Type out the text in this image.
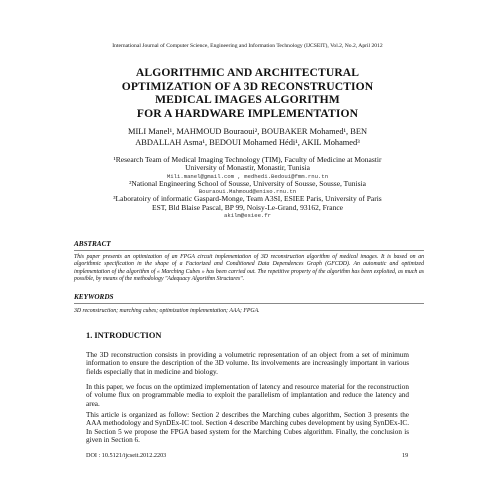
International Journal of Computer Science, Engineering and Information Technology (IJCSEIT), Vol.2, No.2, April 2012
ALGORITHMIC AND ARCHITECTURAL
OPTIMIZATION OF A 3D RECONSTRUCTION
MEDICAL IMAGES ALGORITHM
FOR A HARDWARE IMPLEMENTATION
MILI Manel¹, MAHMOUD Bouraoui², BOUBAKER Mohamed¹, BEN
ABDALLAH Asma¹, BEDOUI Mohamed Hédi¹, AKIL Mohamed³
¹Research Team of Medical Imaging Technology (TIM), Faculty of Medicine at Monastir
University of Monastir, Monastir, Tunisia
Mili.manel@gmail.com , medhedi.Bedoui@fmm.rnu.tn
²National Engineering School of Sousse, University of Sousse, Sousse, Tunisia
Bouraoui.Mahmoud@eniso.rnu.tn
³Laboratoiry of informatic Gaspard-Monge, Team A3SI, ESIEE Paris, University of Paris
EST, Bld Blaise Pascal, BP 99, Noisy-Le-Grand, 93162, France
akilm@esiee.fr
ABSTRACT
This paper presents an optimization of an FPGA circuit implementation of 3D reconstruction algorithm of medical images. It is based on an algorithmic specification in the shape of a Factorized and Conditioned Data Dependences Graph (GFCDD). An automatic and optimized implementation of the algorithm of « Marching Cubes » has been carried out. The repetitive property of the algorithm has been exploited, as much as possible, by means of the methodology "Adequacy Algorithm Structures".
KEYWORDS
3D reconstruction; marching cubes; optimization implementation; AAA; FPGA.
1. INTRODUCTION
The 3D reconstruction consists in providing a volumetric representation of an object from a set of minimum information to ensure the description of the 3D volume. Its involvements are increasingly important in various fields especially that in medicine and biology.
In this paper, we focus on the optimized implementation of latency and resource material for the reconstruction of volume flux on programmable media to exploit the parallelism of implantation and reduce the latency and area.
This article is organized as follow: Section 2 describes the Marching cubes algorithm, Section 3 presents the AAA methodology and SynDEx-IC tool. Section 4 describe Marching cubes development by using SynDEx-IC. In Section 5 we propose the FPGA based system for the Marching Cubes algorithm. Finally, the conclusion is given in Section 6.
DOI : 10.5121/ijcseit.2012.2203	19
